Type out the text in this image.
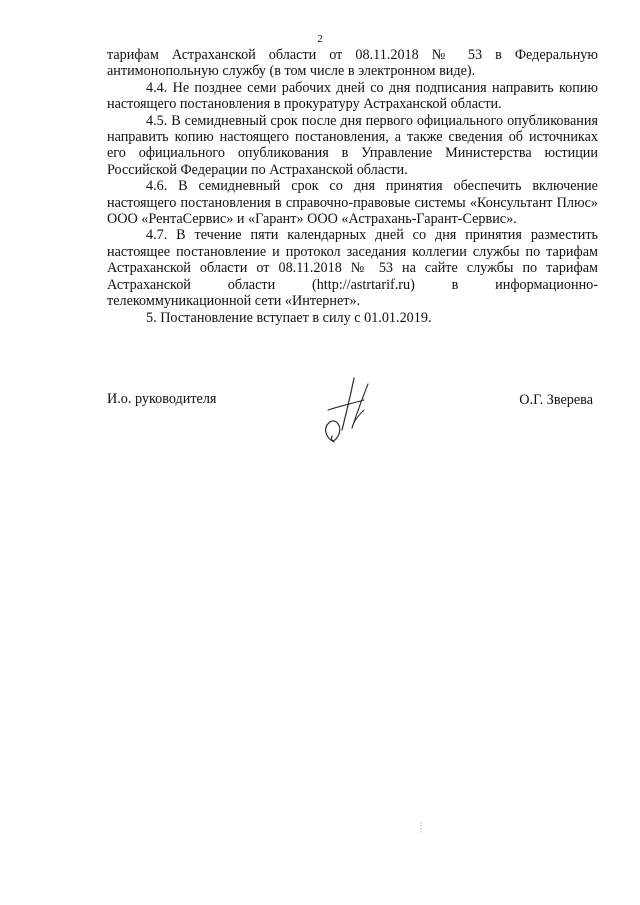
2

тарифам Астраханской области от 08.11.2018 № 53 в Федеральную антимонопольную службу (в том числе в электронном виде).

4.4. Не позднее семи рабочих дней со дня подписания направить копию настоящего постановления в прокуратуру Астраханской области.

4.5. В семидневный срок после дня первого официального опубликования направить копию настоящего постановления, а также сведения об источниках его официального опубликования в Управление Министерства юстиции Российской Федерации по Астраханской области.

4.6. В семидневный срок со дня принятия обеспечить включение настоящего постановления в справочно-правовые системы «Консультант Плюс» ООО «РентаСервис» и «Гарант» ООО «Астрахань-Гарант-Сервис».

4.7. В течение пяти календарных дней со дня принятия разместить настоящее постановление и протокол заседания коллегии службы по тарифам Астраханской области от 08.11.2018 № 53 на сайте службы по тарифам Астраханской области (http://astrtarif.ru) в информационно-телекоммуникационной сети «Интернет».

5. Постановление вступает в силу с 01.01.2019.

И.о. руководителя	О.Г. Зверева
